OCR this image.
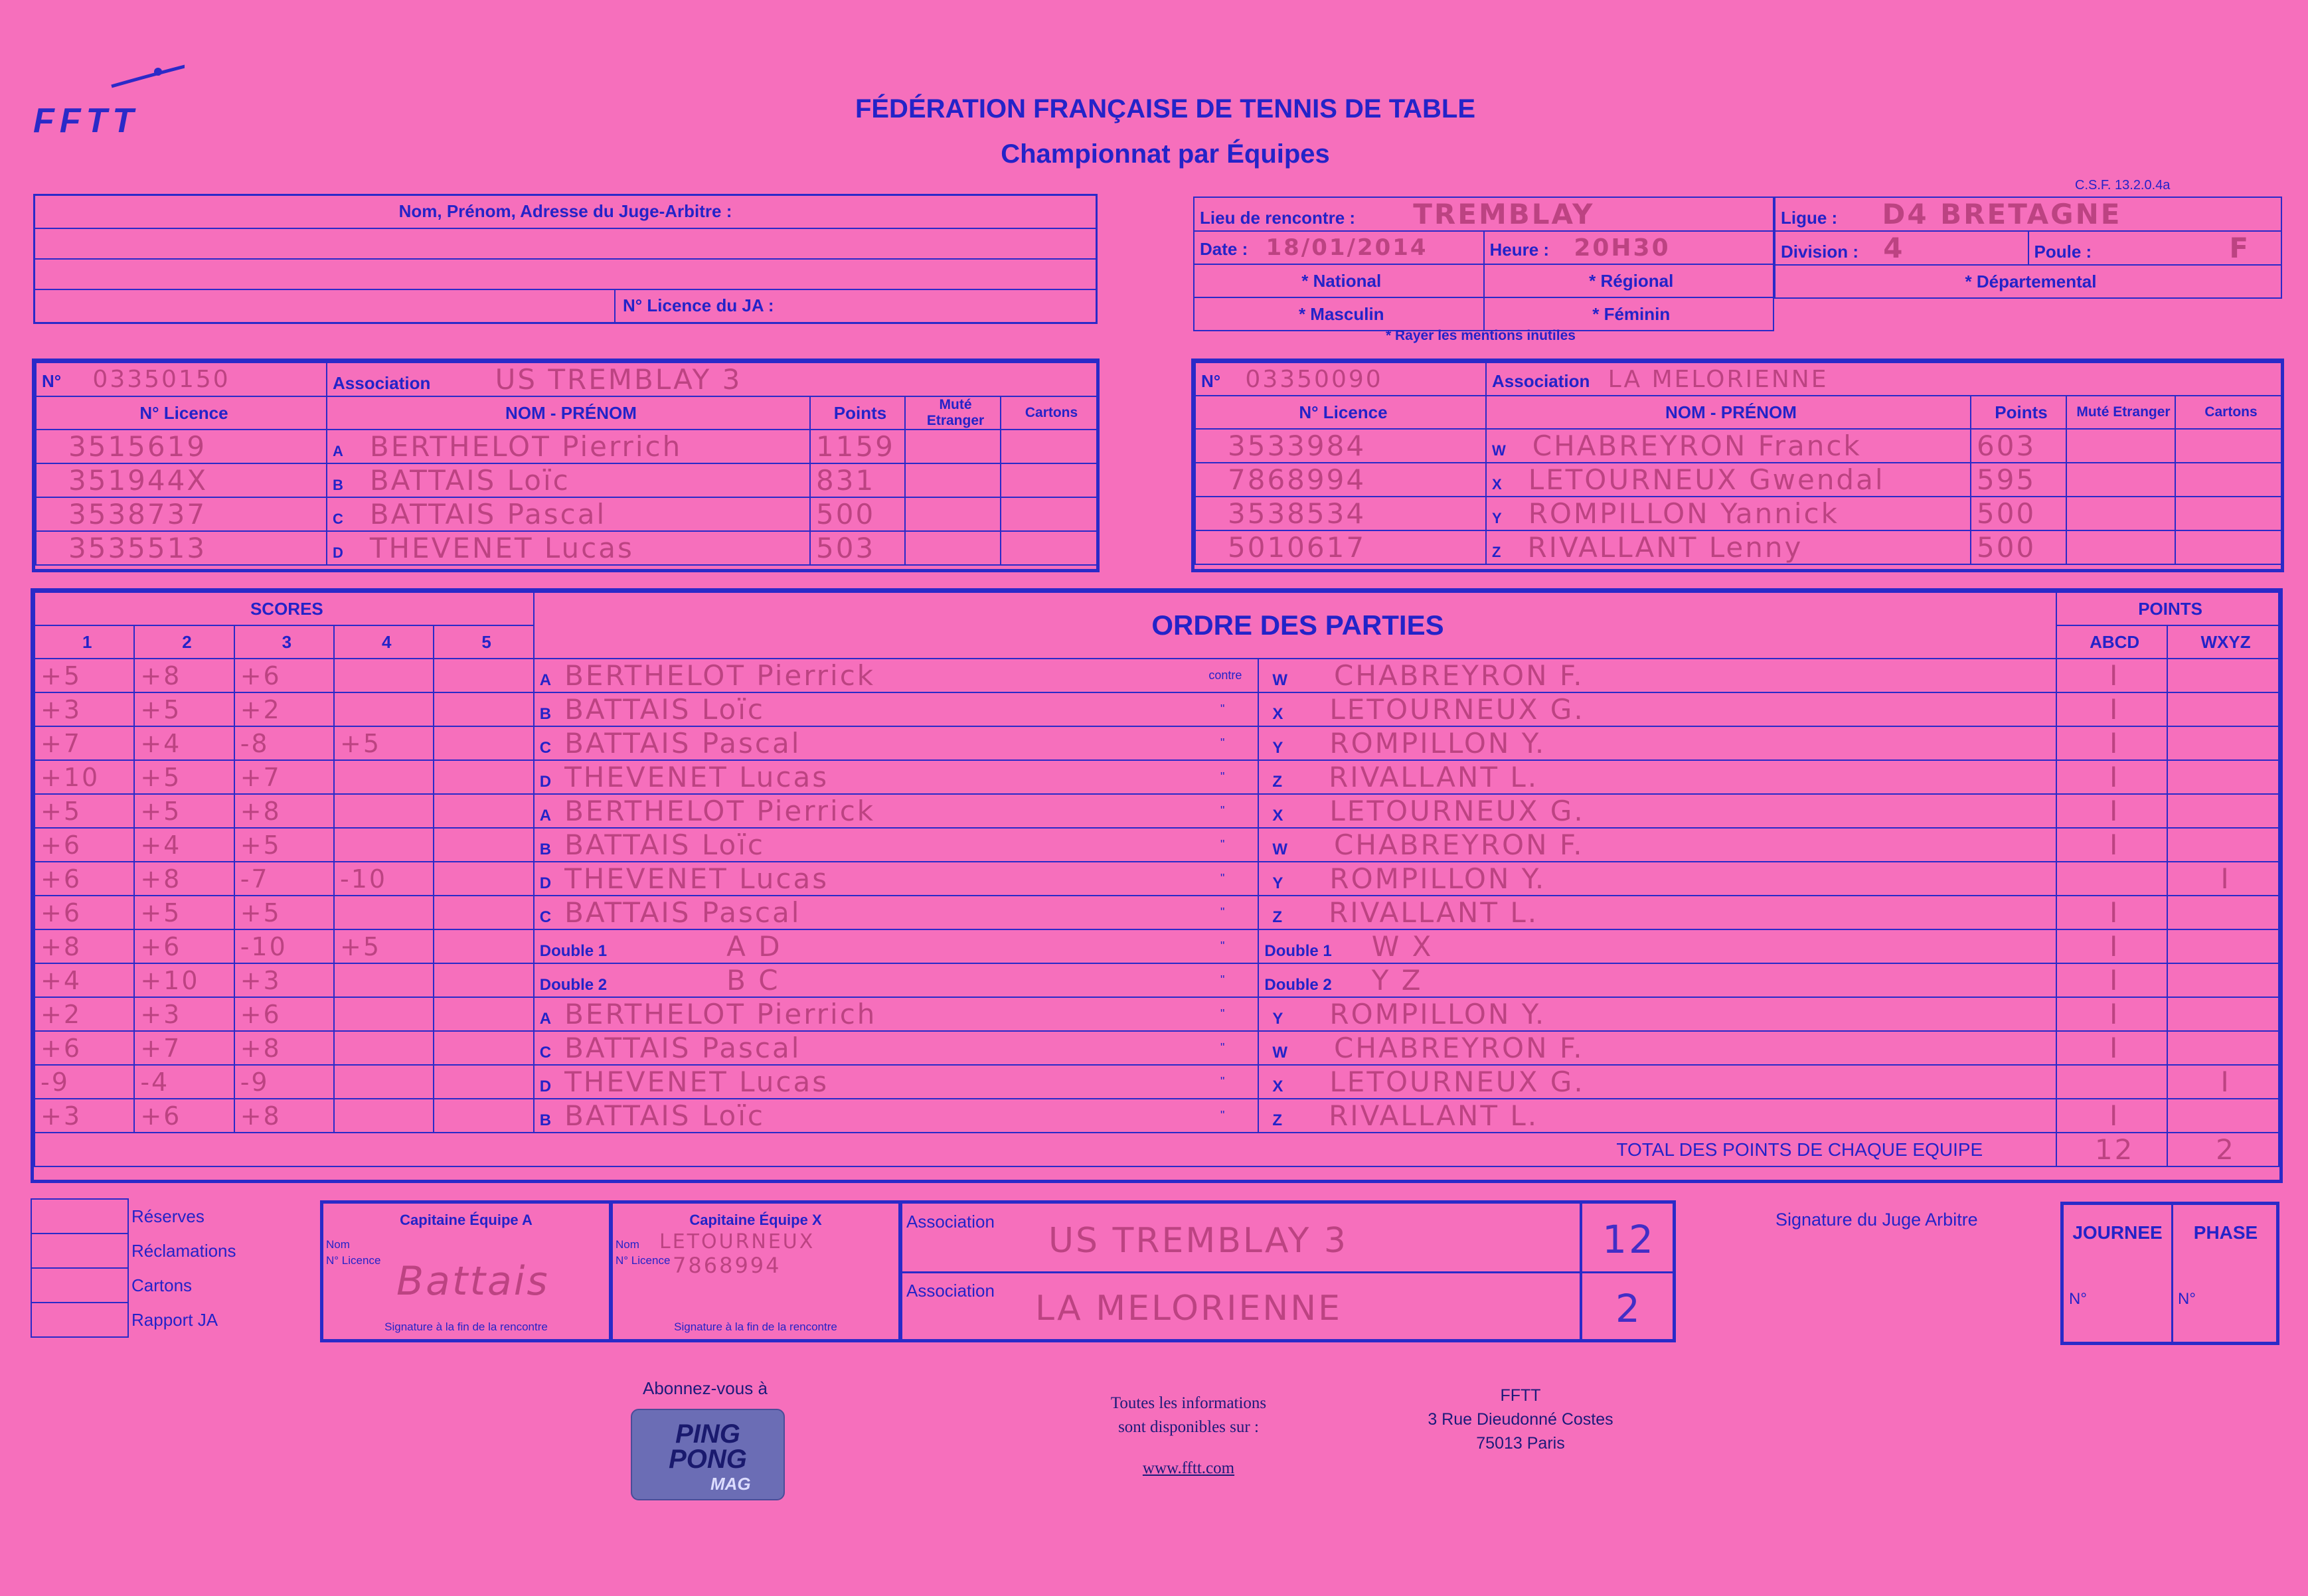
FFTT	FÉDÉRATION FRANÇAISE DE TENNIS DE TABLE
Championnat par Équipes
C.S.F. 13.2.0.4a
Nom, Prénom, Adresse du Juge-Arbitre :
N° Licence du JA :
Lieu de rencontre : TREMBLAY	
Date : 18/01/2014	Heure : 20H30
* National	* Régional
* Masculin	* Féminin
Ligue : D4 BRETAGNE
Division : 4	Poule :	F
* Départemental
* Rayer les mentions inutiles
N° 03350150	Association US TREMBLAY 3			
N° Licence	NOM - PRÉNOM	Points	Muté Etranger	Cartons
3515619	A BERTHELOT Pierrich	1159		
351944X	B BATTAIS Loïc	831		
3538737	C BATTAIS Pascal	500		
3535513	D THEVENET Lucas	503		
N° 03350090	Association LA MELORIENNE			
N° Licence	NOM - PRÉNOM	Points	Muté Etranger	Cartons
3533984	W CHABREYRON Franck	603		
7868994	X LETOURNEUX Gwendal	595		
3538534	Y ROMPILLON Yannick	500		
5010617	Z RIVALLANT Lenny	500		
SCORES					ORDRE DES PARTIES		POINTS	
1	2	3	4	5			ABCD	WXYZ
+5	+8	+6			A BERTHELOT Pierrick contre	W CHABREYRON F.	I	
+3	+5	+2			B BATTAIS Loïc "	X LETOURNEUX G.	I	
+7	+4	-8	+5		C BATTAIS Pascal "	Y ROMPILLON Y.	I	
+10	+5	+7			D THEVENET Lucas "	Z RIVALLANT L.	I	
+5	+5	+8			A BERTHELOT Pierrick "	X LETOURNEUX G.	I	
+6	+4	+5			B BATTAIS Loïc "	W CHABREYRON F.	I	
+6	+8	-7	-10		D THEVENET Lucas "	Y ROMPILLON Y.		I
+6	+5	+5			C BATTAIS Pascal "	Z RIVALLANT L.	I	
+8	+6	-10	+5		Double 1 A D "	Double 1 W X	I	
+4	+10	+3			Double 2 B C "	Double 2 Y Z	I	
+2	+3	+6			A BERTHELOT Pierrich "	Y ROMPILLON Y.	I	
+6	+7	+8			C BATTAIS Pascal "	W CHABREYRON F.	I	
-9	-4	-9			D THEVENET Lucas "	X LETOURNEUX G.		I
+3	+6	+8			B BATTAIS Loïc "	Z RIVALLANT L.	I	
TOTAL DES POINTS DE CHAQUE EQUIPE							12	2
Réserves
Réclamations
Cartons
Rapport JA
Capitaine Équipe A
Nom
N° Licence Battais
Signature à la fin de la rencontre
Capitaine Équipe X
Nom
N° Licence
LETOURNEUX
7868994
Signature à la fin de la rencontre
Association US TREMBLAY 3	12
Association LA MELORIENNE	2
Signature du Juge Arbitre
JOURNEE	PHASE
N°	N°
Abonnez-vous à
PING
PONG
MAG
Toutes les informations
sont disponibles sur :
www.fftt.com
FFTT
3 Rue Dieudonné Costes
75013 Paris
